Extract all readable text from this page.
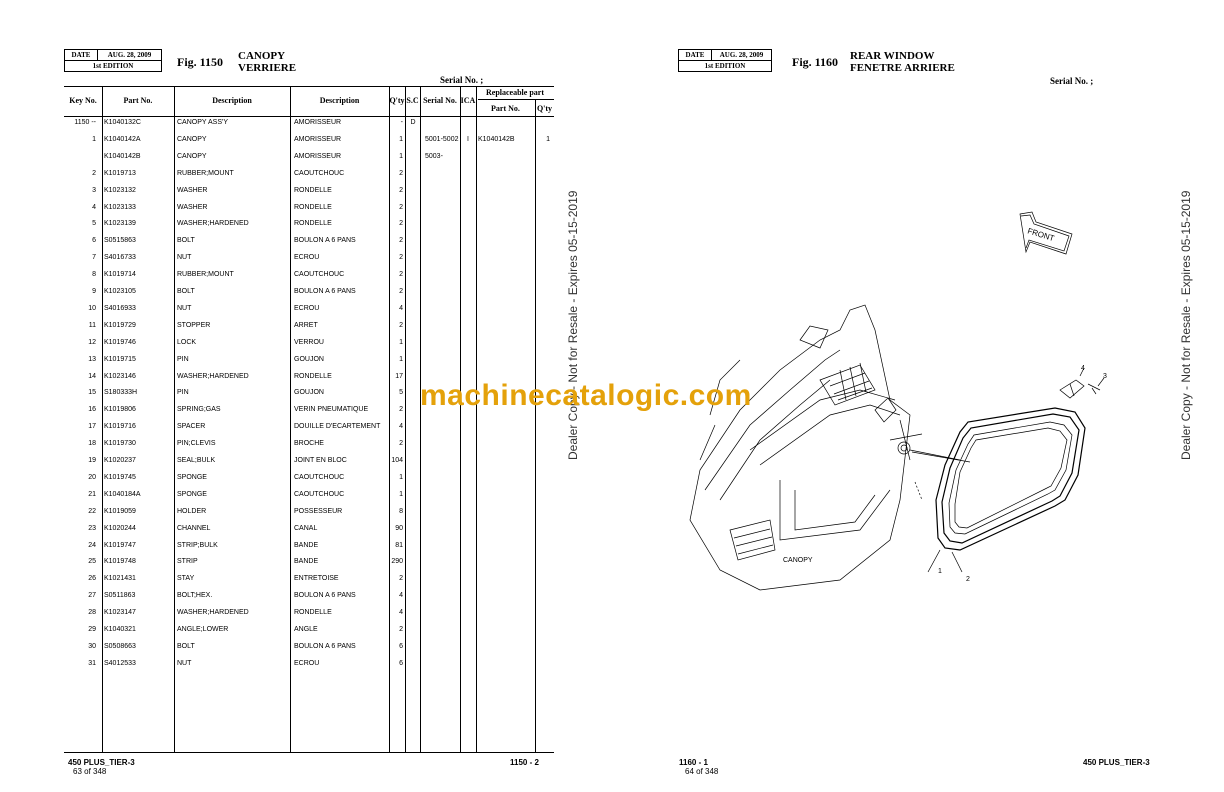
DATE	AUG. 28, 2009
1st EDITION	Fig. 1150 CANOPY
VERRIERE
Serial No. ;
Key No.	Part No.	Description	Description	Q'ty S.C Serial No. ICA
Replaceable part
Part No.	Q'ty
1150 -- K1040132C	CANOPY ASS'Y	AMORISSEUR	-	D
1 K1040142A	CANOPY	AMORISSEUR	1	5001-5002	I	K1040142B	1
K1040142B	CANOPY	AMORISSEUR	1	5003-
2 K1019713	RUBBER;MOUNT	CAOUTCHOUC	2
3 K1023132	WASHER	RONDELLE	2
4 K1023133	WASHER	RONDELLE	2
5 K1023139	WASHER;HARDENED	RONDELLE	2
6 S0515863	BOLT	BOULON A 6 PANS	2
7 S4016733	NUT	ECROU	2
8 K1019714	RUBBER;MOUNT	CAOUTCHOUC	2
9 K1023105	BOLT	BOULON A 6 PANS	2
10 S4016933	NUT	ECROU	4
11 K1019729	STOPPER	ARRET	2
12 K1019746	LOCK	VERROU	1
13 K1019715	PIN	GOUJON	1
14 K1023146	WASHER;HARDENED	RONDELLE	17
15 S180333H	PIN	GOUJON	5
16 K1019806	SPRING;GAS	VERIN PNEUMATIQUE	2
17 K1019716	SPACER	DOUILLE D'ECARTEMENT	4
18 K1019730	PIN;CLEVIS	BROCHE	2
19 K1020237	SEAL;BULK	JOINT EN BLOC	104
20 K1019745	SPONGE	CAOUTCHOUC	1
21 K1040184A	SPONGE	CAOUTCHOUC	1
22 K1019059	HOLDER	POSSESSEUR	8
23 K1020244	CHANNEL	CANAL	90
24 K1019747	STRIP;BULK	BANDE	81
25 K1019748	STRIP	BANDE	290
26 K1021431	STAY	ENTRETOISE	2
27 S0511863	BOLT;HEX.	BOULON A 6 PANS	4
28 K1023147	WASHER;HARDENED	RONDELLE	4
29 K1040321	ANGLE;LOWER	ANGLE	2
30 S0508663	BOLT	BOULON A 6 PANS	6
31 S4012533	NUT	ECROU	6
450 PLUS_TIER-3
63 of 348
1150 - 2
DATE	AUG. 28, 2009
1st EDITION	Fig. 1160 REAR WINDOW
FENETRE ARRIERE
Serial No. ;
FRONT
CANOPY
1
2
3
4
1160 - 1
64 of 348
450 PLUS_TIER-3
Dealer Copy - Not for Resale - Expires 05-15-2019	Dealer Copy - Not for Resale - Expires 05-15-2019
machinecatalogic.com
